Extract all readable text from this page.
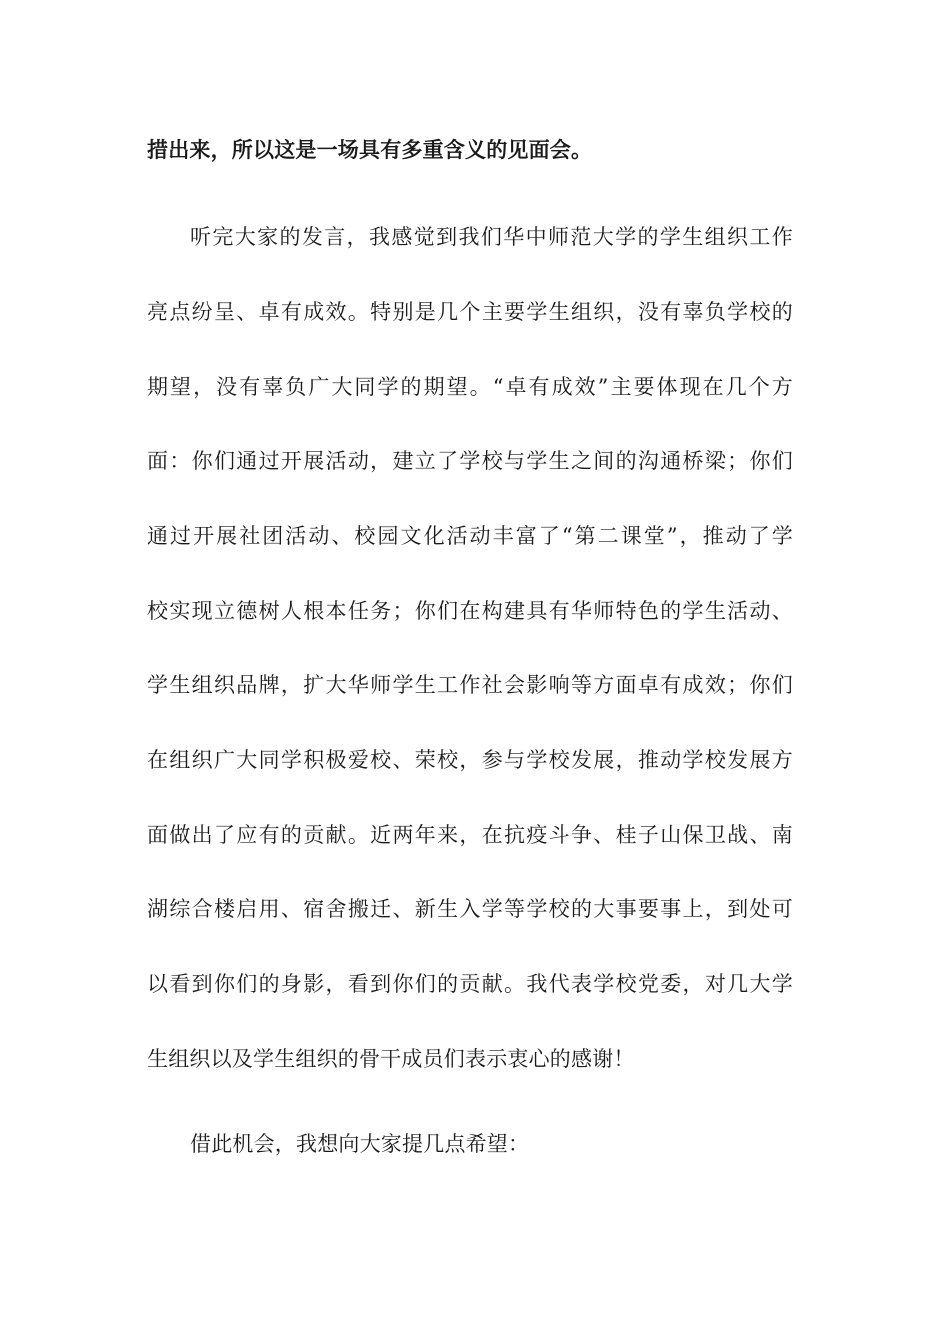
措出来，所以这是一场具有多重含义的见面会。
听完大家的发言，我感觉到我们华中师范大学的学生组织工作
亮点纷呈、卓有成效。特别是几个主要学生组织，没有辜负学校的
期望，没有辜负广大同学的期望。“卓有成效”主要体现在几个方
面：你们通过开展活动，建立了学校与学生之间的沟通桥梁；你们
通过开展社团活动、校园文化活动丰富了“第二课堂”，推动了学
校实现立德树人根本任务；你们在构建具有华师特色的学生活动、
学生组织品牌，扩大华师学生工作社会影响等方面卓有成效；你们
在组织广大同学积极爱校、荣校，参与学校发展，推动学校发展方
面做出了应有的贡献。近两年来，在抗疫斗争、桂子山保卫战、南
湖综合楼启用、宿舍搬迁、新生入学等学校的大事要事上，到处可
以看到你们的身影，看到你们的贡献。我代表学校党委，对几大学
生组织以及学生组织的骨干成员们表示衷心的感谢！
借此机会，我想向大家提几点希望：
